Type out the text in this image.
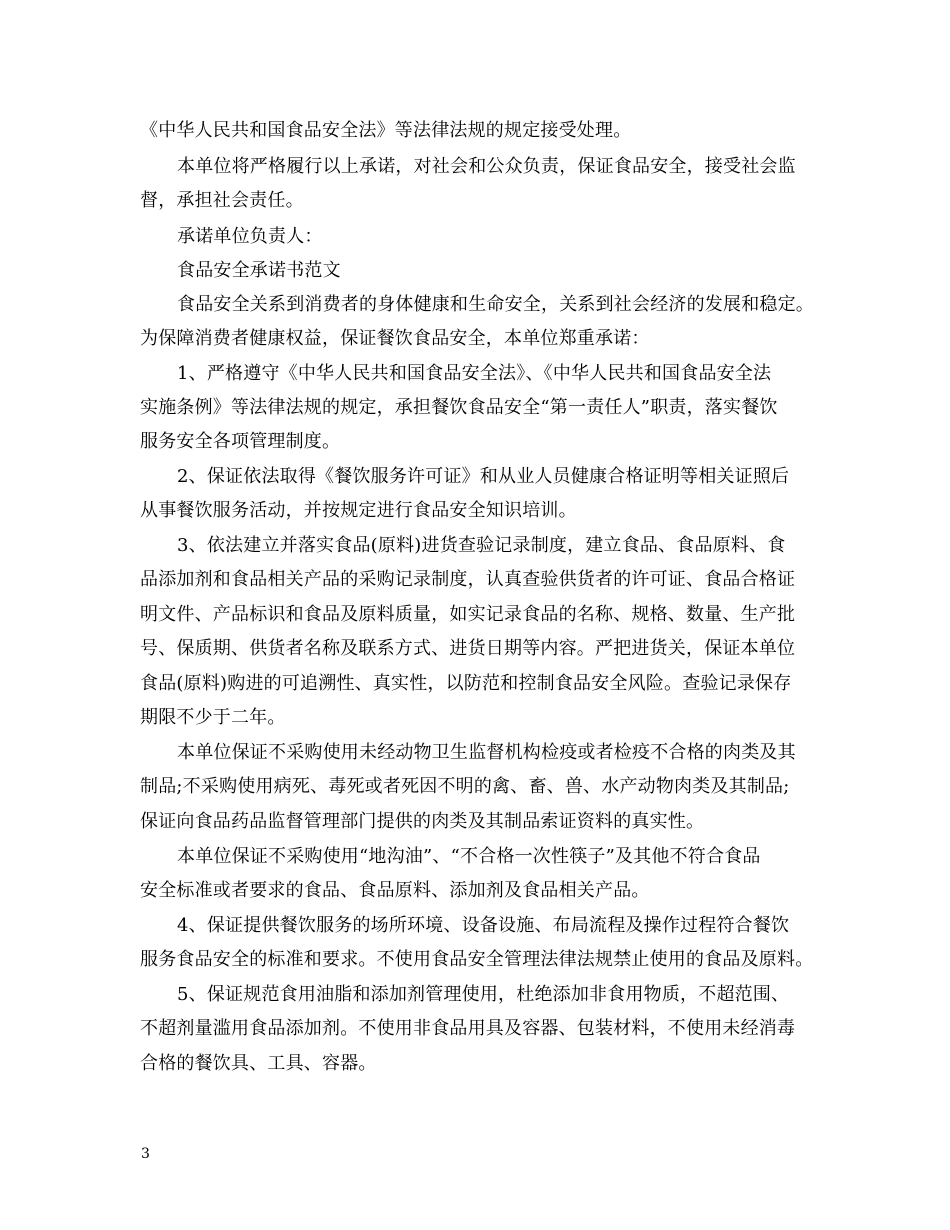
《中华人民共和国食品安全法》等法律法规的规定接受处理。
本单位将严格履行以上承诺，对社会和公众负责，保证食品安全，接受社会监
督，承担社会责任。
承诺单位负责人：
食品安全承诺书范文
食品安全关系到消费者的身体健康和生命安全，关系到社会经济的发展和稳定。
为保障消费者健康权益，保证餐饮食品安全，本单位郑重承诺：
1、严格遵守《中华人民共和国食品安全法》、《中华人民共和国食品安全法
实施条例》等法律法规的规定，承担餐饮食品安全“第一责任人”职责，落实餐饮
服务安全各项管理制度。
2、保证依法取得《餐饮服务许可证》和从业人员健康合格证明等相关证照后
从事餐饮服务活动，并按规定进行食品安全知识培训。
3、依法建立并落实食品(原料)进货查验记录制度，建立食品、食品原料、食
品添加剂和食品相关产品的采购记录制度，认真查验供货者的许可证、食品合格证
明文件、产品标识和食品及原料质量，如实记录食品的名称、规格、数量、生产批
号、保质期、供货者名称及联系方式、进货日期等内容。严把进货关，保证本单位
食品(原料)购进的可追溯性、真实性，以防范和控制食品安全风险。查验记录保存
期限不少于二年。
本单位保证不采购使用未经动物卫生监督机构检疫或者检疫不合格的肉类及其
制品;不采购使用病死、毒死或者死因不明的禽、畜、兽、水产动物肉类及其制品;
保证向食品药品监督管理部门提供的肉类及其制品索证资料的真实性。
本单位保证不采购使用“地沟油”、“不合格一次性筷子”及其他不符合食品
安全标准或者要求的食品、食品原料、添加剂及食品相关产品。
4、保证提供餐饮服务的场所环境、设备设施、布局流程及操作过程符合餐饮
服务食品安全的标准和要求。不使用食品安全管理法律法规禁止使用的食品及原料。
5、保证规范食用油脂和添加剂管理使用，杜绝添加非食用物质，不超范围、
不超剂量滥用食品添加剂。不使用非食品用具及容器、包装材料，不使用未经消毒
合格的餐饮具、工具、容器。
3
